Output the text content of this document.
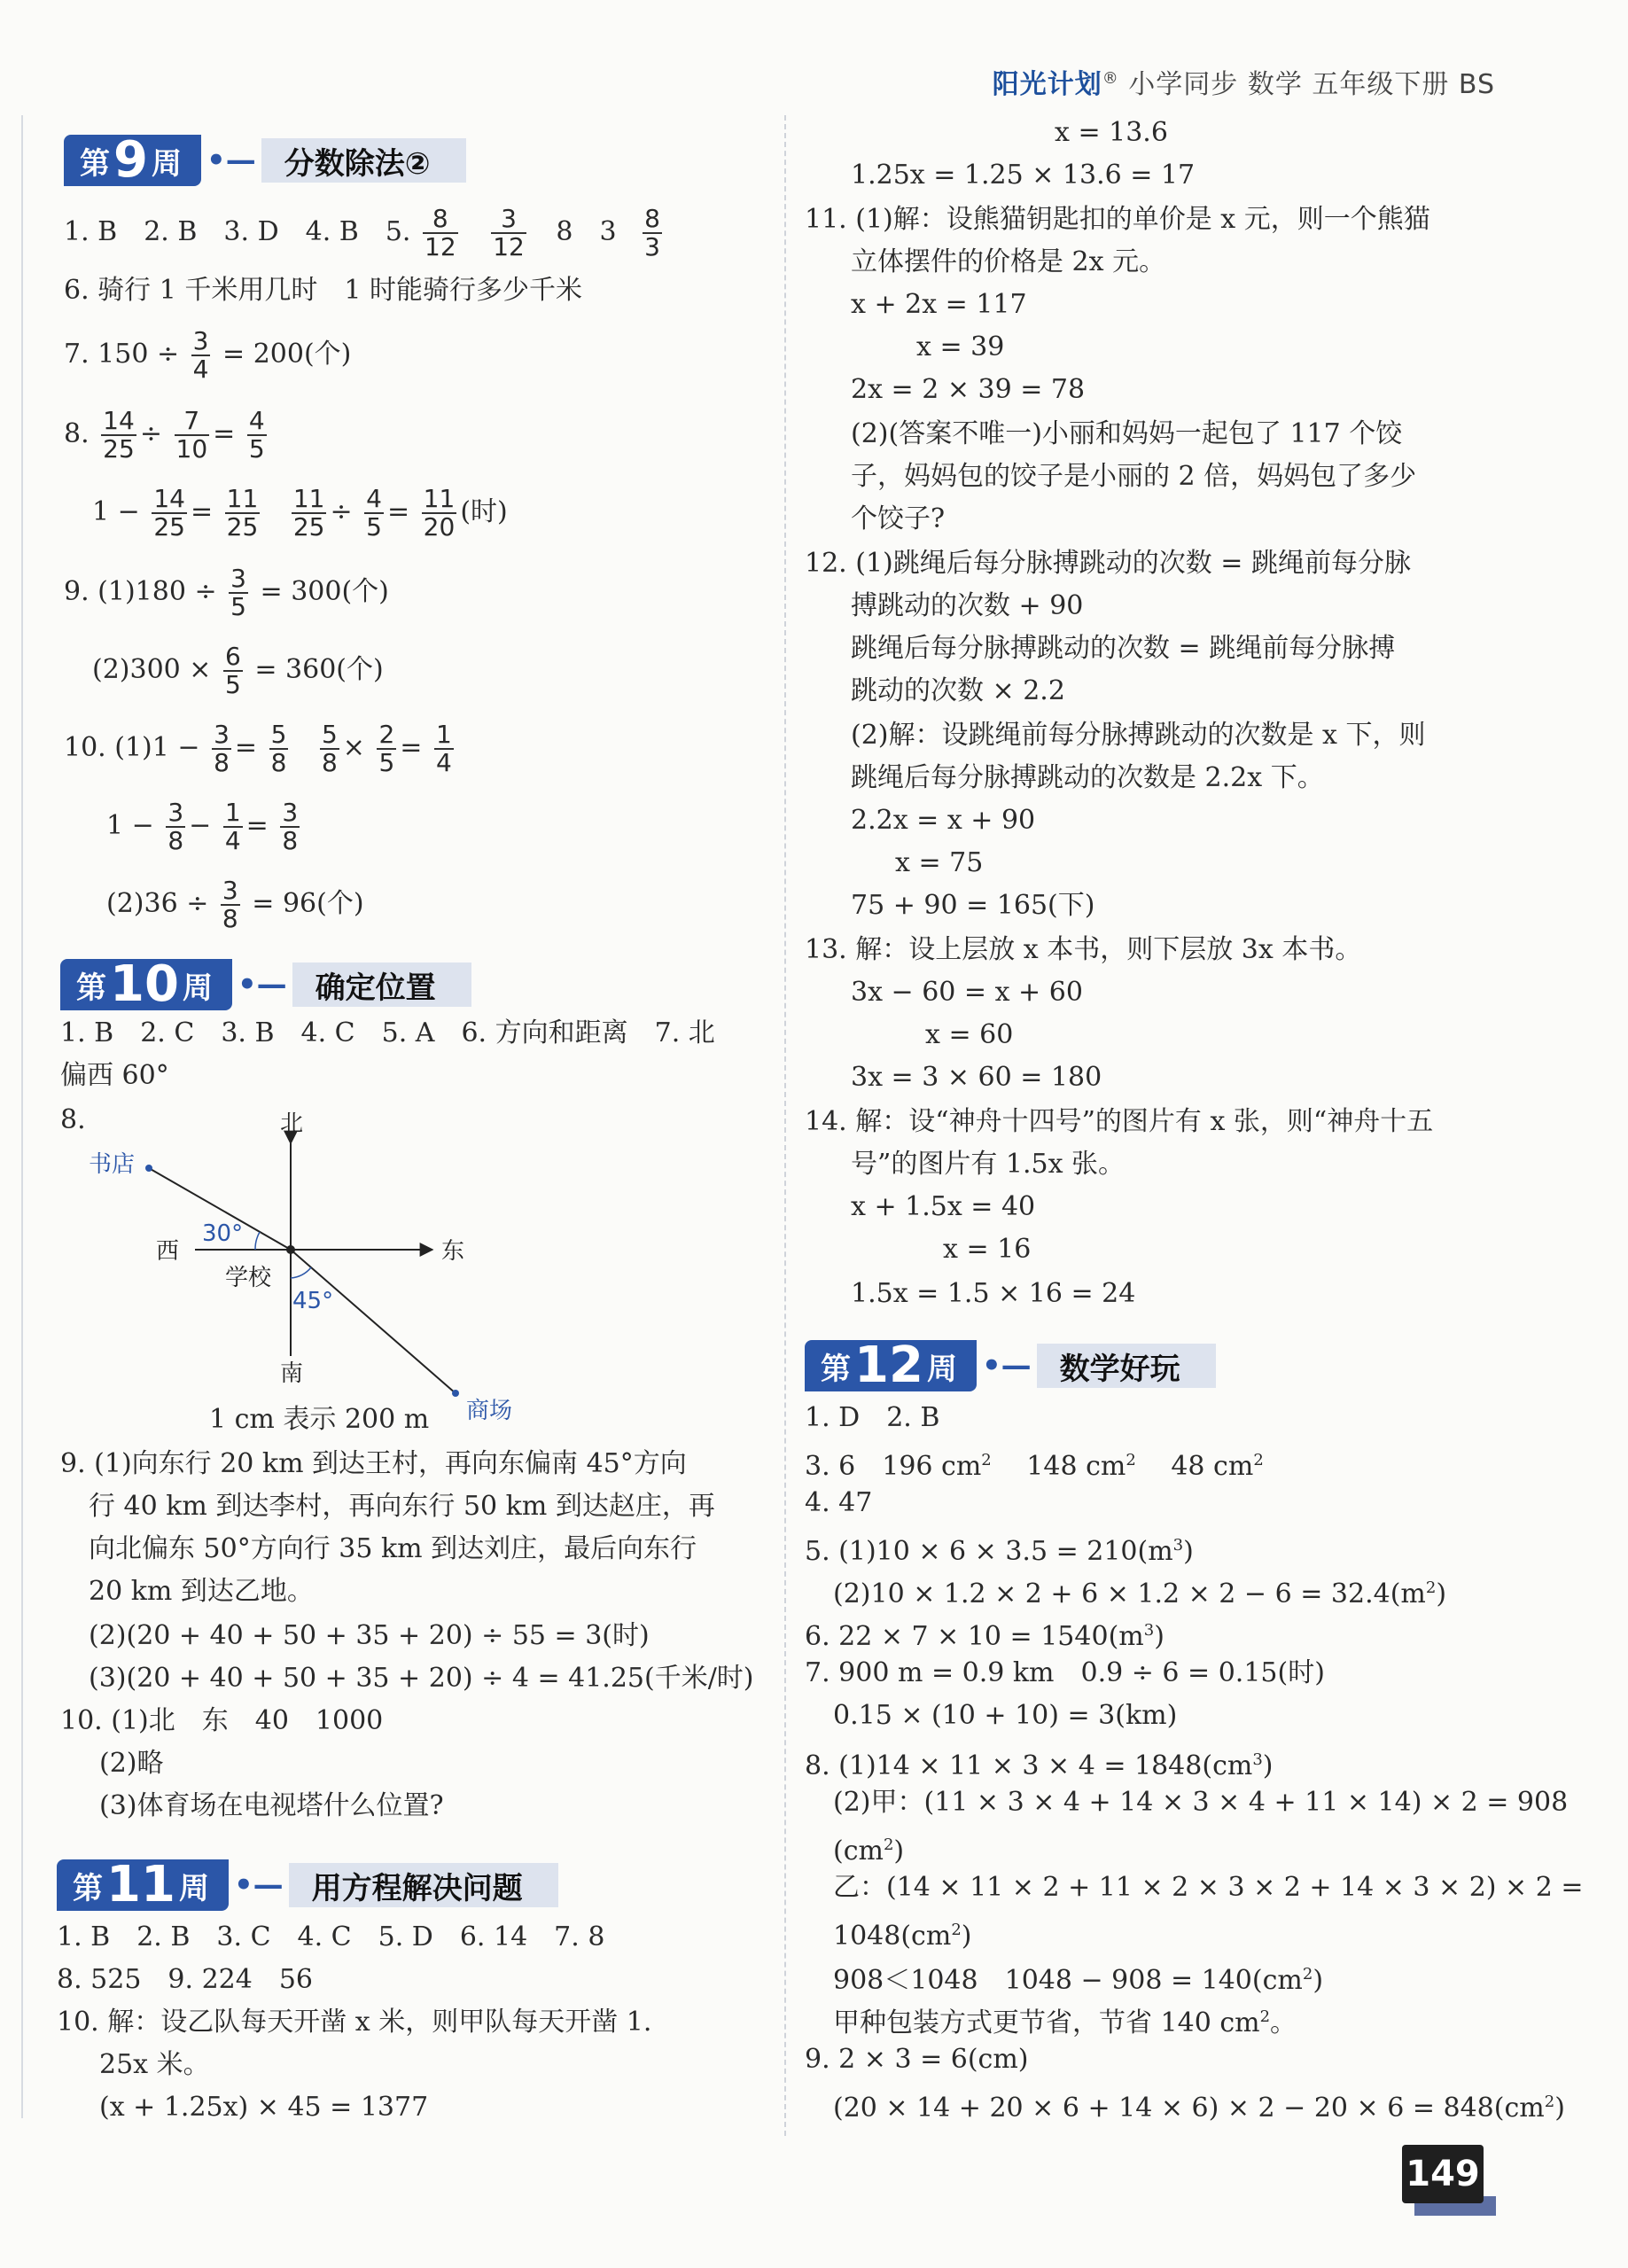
阳光计划® 小学同步 数学 五年级下册 BS
第 9 周 •— 分数除法②
1. B　2. B　3. D　4. B　5. $\frac{8}{12}$
$\frac{3}{12} 8$　$3 \frac{8}{3}$
6. 骑行 1 千米用几时　1 时能骑行多少千米
7. $150 \div \frac{3}{4} = 200$(个)
8. $\frac{14}{25} \div \frac{7}{10} = \frac{4}{5}$
$1 - \frac{14}{25} = \frac{11}{25}$
$\frac{11}{25} \div \frac{4}{5} = \frac{11}{20}$ (时)
9. $(1)180 \div \frac{3}{5} = 300$(个)
$(2)300 \times \frac{6}{5} = 360$(个)
10. $(1)1 - \frac{3}{8} = \frac{5}{8}$
$\frac{5}{8} \times \frac{2}{5} = \frac{1}{4}$
$1 - \frac{3}{8} - \frac{1}{4} = \frac{3}{8}$
$(2)36 \div \frac{3}{8} = 96$(个)
第 10 周 •— 确定位置
1. B　2. C　3. B　4. C　5. A　6. 方向和距离　7. 北
偏西 60°
8.	北
南
西	东
学校
书店
商场
30°
45°
1 cm 表示 200 m
9. (1)向东行 20 km 到达王村，再向东偏南 45°方向
行 40 km 到达李村，再向东行 50 km 到达赵庄，再
向北偏东 50°方向行 35 km 到达刘庄，最后向东行
20 km 到达乙地。
(2)(20 + 40 + 50 + 35 + 20) ÷ 55 = 3(时)
(3)(20 + 40 + 50 + 35 + 20) ÷ 4 = 41.25(千米/时)
10. (1)北　东　40　1000
(2)略
(3)体育场在电视塔什么位置?
第 11 周 •— 用方程解决问题
1. B　2. B　3. C　4. C　5. D　6. 14　7. 8
8. 525　9. 224　56
10. 解：设乙队每天开凿 x 米，则甲队每天开凿 1.
25x 米。
(x + 1.25x) × 45 = 1377
x = 13.6
1.25x = 1.25 × 13.6 = 17
11. (1)解：设熊猫钥匙扣的单价是 x 元，则一个熊猫
立体摆件的价格是 2x 元。
x + 2x = 117
x = 39
2x = 2 × 39 = 78
(2)(答案不唯一)小丽和妈妈一起包了 117 个饺
子，妈妈包的饺子是小丽的 2 倍，妈妈包了多少
个饺子?
12. (1)跳绳后每分脉搏跳动的次数 = 跳绳前每分脉
搏跳动的次数 + 90
跳绳后每分脉搏跳动的次数 = 跳绳前每分脉搏
跳动的次数 × 2.2
(2)解：设跳绳前每分脉搏跳动的次数是 x 下，则
跳绳后每分脉搏跳动的次数是 2.2x 下。
2.2x = x + 90
x = 75
75 + 90 = 165(下)
13. 解：设上层放 x 本书，则下层放 3x 本书。
3x − 60 = x + 60
x = 60
3x = 3 × 60 = 180
14. 解：设“神舟十四号”的图片有 x 张，则“神舟十五
号”的图片有 1.5x 张。
x + 1.5x = 40
x = 16
1.5x = 1.5 × 16 = 24
第 12 周 •— 数学好玩
1. D　2. B
3. 6　196 $cm^2$ 148 $cm^2$ 48 $cm^2$
4. 47
5. $(1)10 \times 6 \times 3.5 = 210(m^3)$
$(2)10 \times 1.2 \times 2 + 6 \times 1.2 \times 2 - 6 = 32.4(m^2)$
6. $22 \times 7 \times 10 = 1540(m^3)$
7. 900 m = 0.9 km　0.9 ÷ 6 = 0.15(时)
0.15 × (10 + 10) = 3(km)
8. $(1)14 \times 11 \times 3 \times 4 = 1848(cm^3)$
(2)甲：(11 × 3 × 4 + 14 × 3 × 4 + 11 × 14) × 2 = 908
$(cm^2)$
乙：(14 × 11 × 2 + 11 × 2 × 3 × 2 + 14 × 3 × 2) × 2 =
$1048(cm^2)$
908＜1048　$1048 - 908 = 140(cm^2)$
甲种包装方式更节省，节省 140 $cm^2$。
9. 2 × 3 = 6(cm)
$(20 \times 14 + 20 \times 6 + 14 \times 6) \times 2 - 20 \times 6 = 848(cm^2)$
149
